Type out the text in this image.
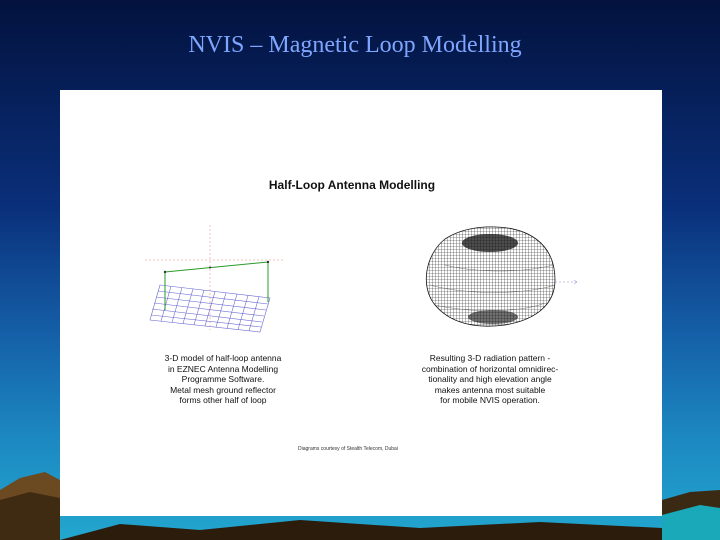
NVIS – Magnetic Loop Modelling
Half-Loop Antenna Modelling
3-D model of half-loop antenna
in EZNEC Antenna Modelling
Programme Software.
Metal mesh ground reflector
forms other half of loop
Resulting 3-D radiation pattern -
combination of horizontal omnidirec-
tionality and high elevation angle
makes antenna most suitable
for mobile NVIS operation.
Diagrams courtesy of Stealth Telecom, Dubai
